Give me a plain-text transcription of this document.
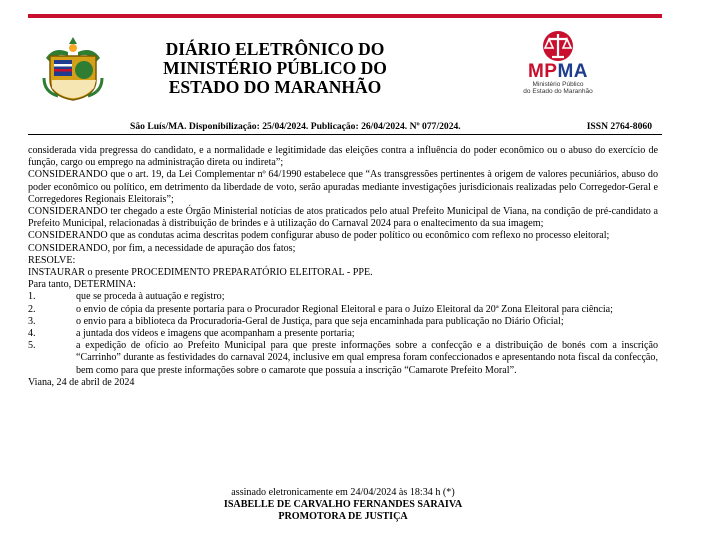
DIÁRIO ELETRÔNICO DO
MINISTÉRIO PÚBLICO DO
ESTADO DO MARANHÃO
MPMA
Ministério Público
do Estado do Maranhão
São Luís/MA. Disponibilização: 25/04/2024. Publicação: 26/04/2024. Nº 077/2024.	ISSN 2764-8060

considerada vida pregressa do candidato, e a normalidade e legitimidade das eleições contra a influência do poder econômico ou o abuso do exercício de função, cargo ou emprego na administração direta ou indireta”;

CONSIDERANDO que o art. 19, da Lei Complementar nº 64/1990 estabelece que “As transgressões pertinentes à origem de valores pecuniários, abuso do poder econômico ou político, em detrimento da liberdade de voto, serão apuradas mediante investigações jurisdicionais realizadas pelo Corregedor-Geral e Corregedores Regionais Eleitorais”;

CONSIDERANDO ter chegado a este Órgão Ministerial notícias de atos praticados pelo atual Prefeito Municipal de Viana, na condição de pré-candidato a Prefeito Municipal, relacionadas à distribuição de brindes e à utilização do Carnaval 2024 para o enaltecimento da sua imagem;

CONSIDERANDO que as condutas acima descritas podem configurar abuso de poder político ou econômico com reflexo no processo eleitoral;

CONSIDERANDO, por fim, a necessidade de apuração dos fatos;

RESOLVE:

INSTAURAR o presente PROCEDIMENTO PREPARATÓRIO ELEITORAL - PPE.

Para tanto, DETERMINA:

1.	que se proceda à autuação e registro;
2.	o envio de cópia da presente portaria para o Procurador Regional Eleitoral e para o Juízo Eleitoral da 20ª Zona Eleitoral para ciência;
3.	o envio para a biblioteca da Procuradoria-Geral de Justiça, para que seja encaminhada para publicação no Diário Oficial;
4.	a juntada dos vídeos e imagens que acompanham a presente portaria;
5.	a expedição de ofício ao Prefeito Municipal para que preste informações sobre a confecção e a distribuição de bonés com a inscrição “Carrinho” durante as festividades do carnaval 2024, inclusive em qual empresa foram confeccionados e apresentando nota fiscal da confecção, bem como para que preste informações sobre o camarote que possuía a inscrição “Camarote Prefeito Moral”.

Viana, 24 de abril de 2024

assinado eletronicamente em 24/04/2024 às 18:34 h (*)
ISABELLE DE CARVALHO FERNANDES SARAIVA
PROMOTORA DE JUSTIÇA
